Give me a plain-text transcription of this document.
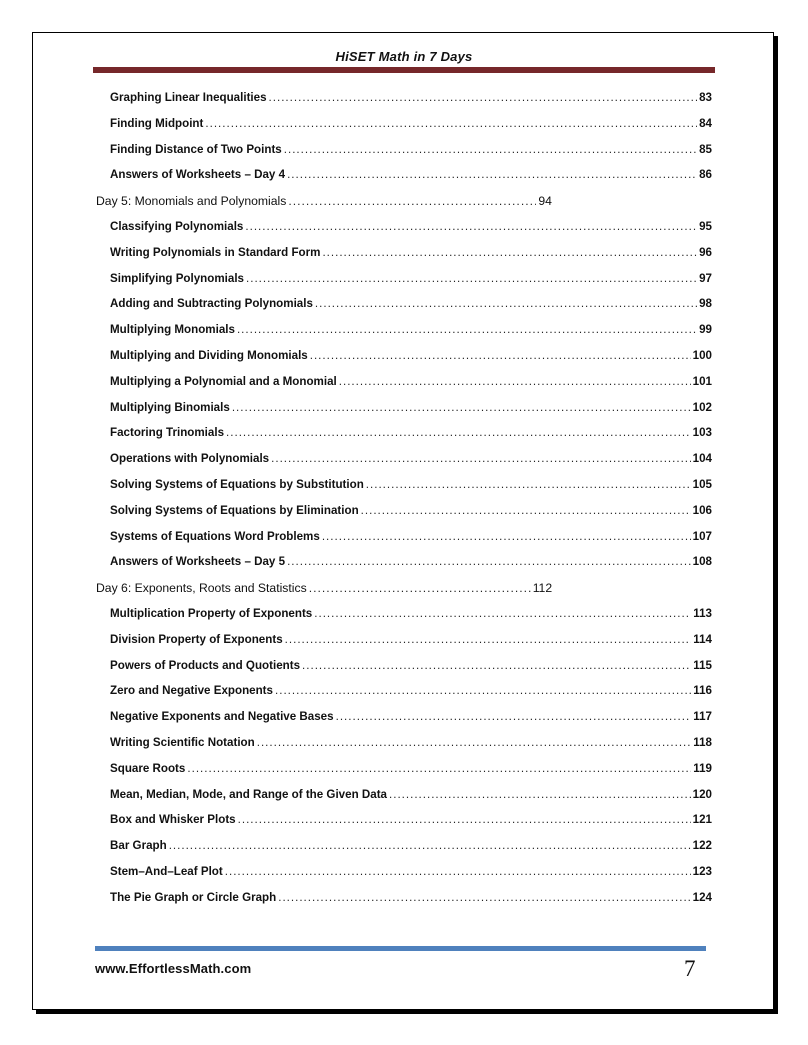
HiSET Math in 7 Days
Graphing Linear Inequalities .....	83
Finding Midpoint .....	84
Finding Distance of Two Points .....	85
Answers of Worksheets – Day 4 .....	86
Day 5: Monomials and Polynomials .....	94
Classifying Polynomials .....	95
Writing Polynomials in Standard Form .....	96
Simplifying Polynomials .....	97
Adding and Subtracting Polynomials .....	98
Multiplying Monomials .....	99
Multiplying and Dividing Monomials .....	100
Multiplying a Polynomial and a Monomial .....	101
Multiplying Binomials .....	102
Factoring Trinomials .....	103
Operations with Polynomials .....	104
Solving Systems of Equations by Substitution .....	105
Solving Systems of Equations by Elimination .....	106
Systems of Equations Word Problems .....	107
Answers of Worksheets – Day 5 .....	108
Day 6: Exponents, Roots and Statistics .....	112
Multiplication Property of Exponents .....	113
Division Property of Exponents .....	114
Powers of Products and Quotients .....	115
Zero and Negative Exponents .....	116
Negative Exponents and Negative Bases .....	117
Writing Scientific Notation .....	118
Square Roots .....	119
Mean, Median, Mode, and Range of the Given Data .....	120
Box and Whisker Plots .....	121
Bar Graph .....	122
Stem–And–Leaf Plot .....	123
The Pie Graph or Circle Graph .....	124
www.EffortlessMath.com	7
